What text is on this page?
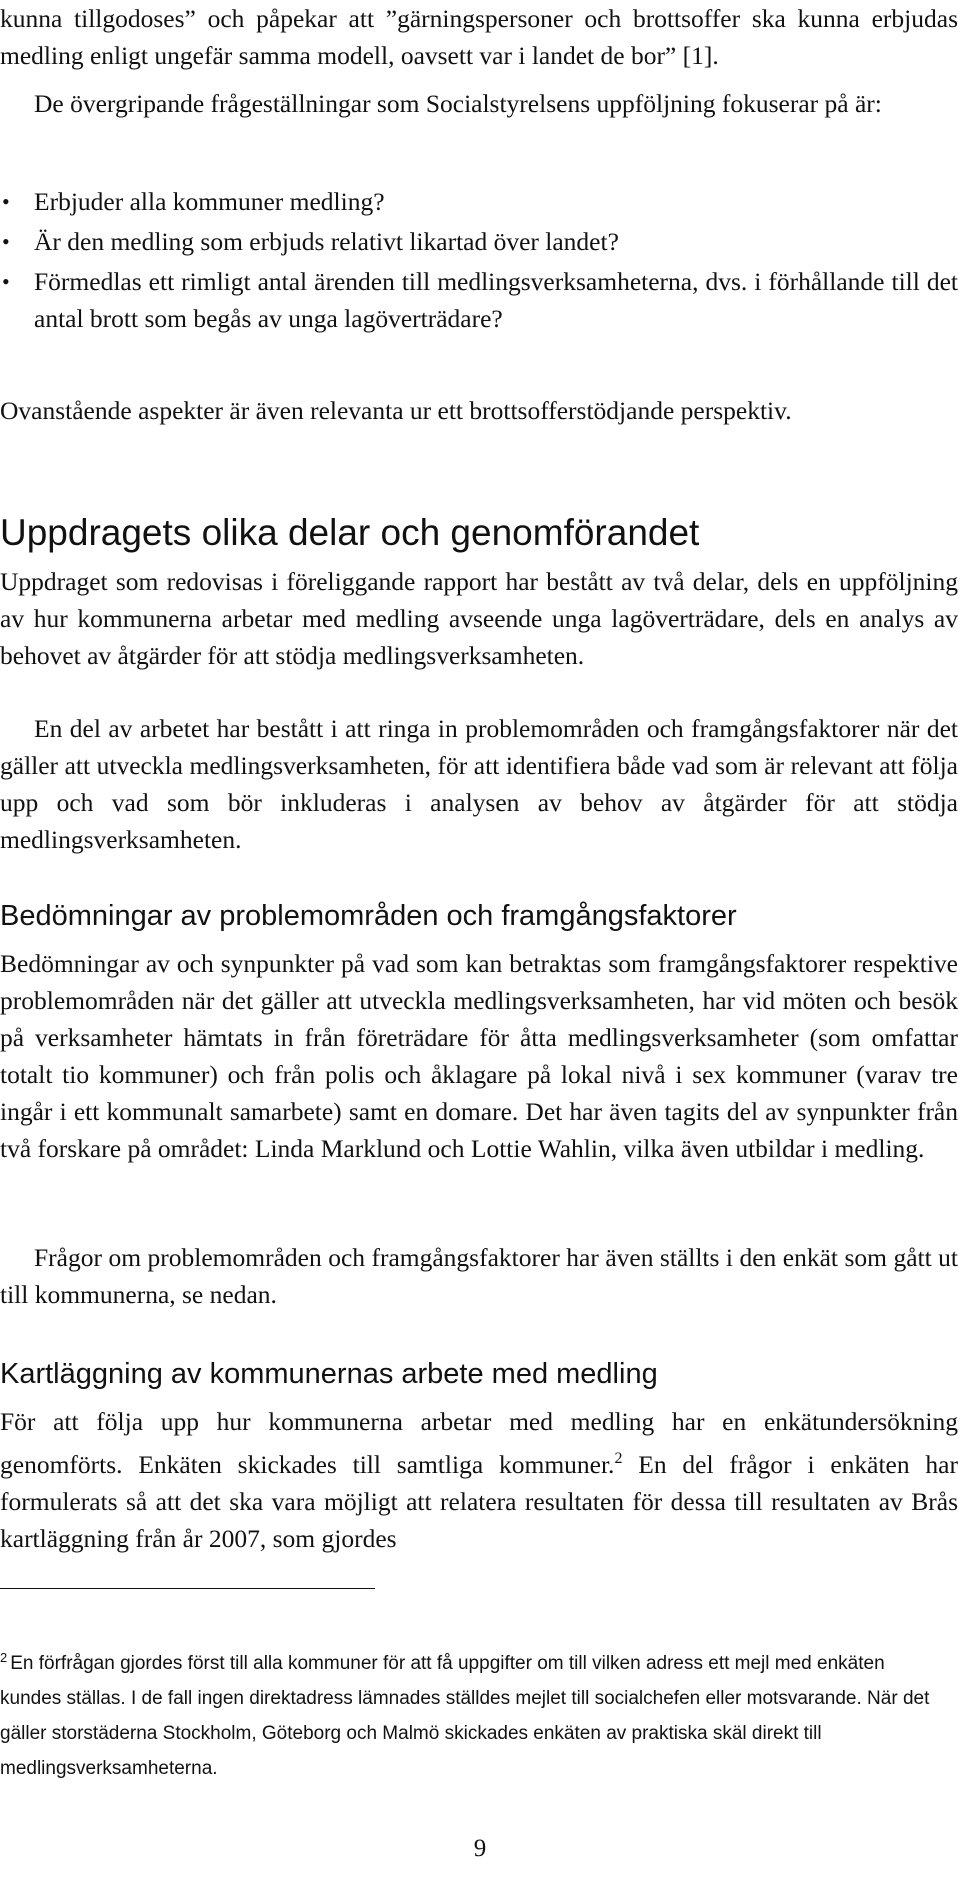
kunna tillgodoses” och påpekar att ”gärningspersoner och brottsoffer ska kunna erbjudas medling enligt ungefär samma modell, oavsett var i landet de bor” [1].

De övergripande frågeställningar som Socialstyrelsens uppföljning fokuserar på är:

• Erbjuder alla kommuner medling?
• Är den medling som erbjuds relativt likartad över landet?
• Förmedlas ett rimligt antal ärenden till medlingsverksamheterna, dvs. i förhållande till det antal brott som begås av unga lagöverträdare?

Ovanstående aspekter är även relevanta ur ett brottsofferstödjande perspektiv.

Uppdragets olika delar och genomförandet

Uppdraget som redovisas i föreliggande rapport har bestått av två delar, dels en uppföljning av hur kommunerna arbetar med medling avseende unga lagöverträdare, dels en analys av behovet av åtgärder för att stödja medlingsverksamheten.

En del av arbetet har bestått i att ringa in problemområden och framgångsfaktorer när det gäller att utveckla medlingsverksamheten, för att identifiera både vad som är relevant att följa upp och vad som bör inkluderas i analysen av behov av åtgärder för att stödja medlingsverksamheten.

Bedömningar av problemområden och framgångsfaktorer

Bedömningar av och synpunkter på vad som kan betraktas som framgångsfaktorer respektive problemområden när det gäller att utveckla medlingsverksamheten, har vid möten och besök på verksamheter hämtats in från företrädare för åtta medlingsverksamheter (som omfattar totalt tio kommuner) och från polis och åklagare på lokal nivå i sex kommuner (varav tre ingår i ett kommunalt samarbete) samt en domare. Det har även tagits del av synpunkter från två forskare på området: Linda Marklund och Lottie Wahlin, vilka även utbildar i medling.

Frågor om problemområden och framgångsfaktorer har även ställts i den enkät som gått ut till kommunerna, se nedan.

Kartläggning av kommunernas arbete med medling

För att följa upp hur kommunerna arbetar med medling har en enkätundersökning genomförts. Enkäten skickades till samtliga kommuner.$^2$ En del frågor i enkäten har formulerats så att det ska vara möjligt att relatera resultaten för dessa till resultaten av Brås kartläggning från år 2007, som gjordes

$^2$ En förfrågan gjordes först till alla kommuner för att få uppgifter om till vilken adress ett mejl med enkäten kundes ställas. I de fall ingen direktadress lämnades ställdes mejlet till socialchefen eller motsvarande. När det gäller storstäderna Stockholm, Göteborg och Malmö skickades enkäten av praktiska skäl direkt till medlingsverksamheterna.

9
